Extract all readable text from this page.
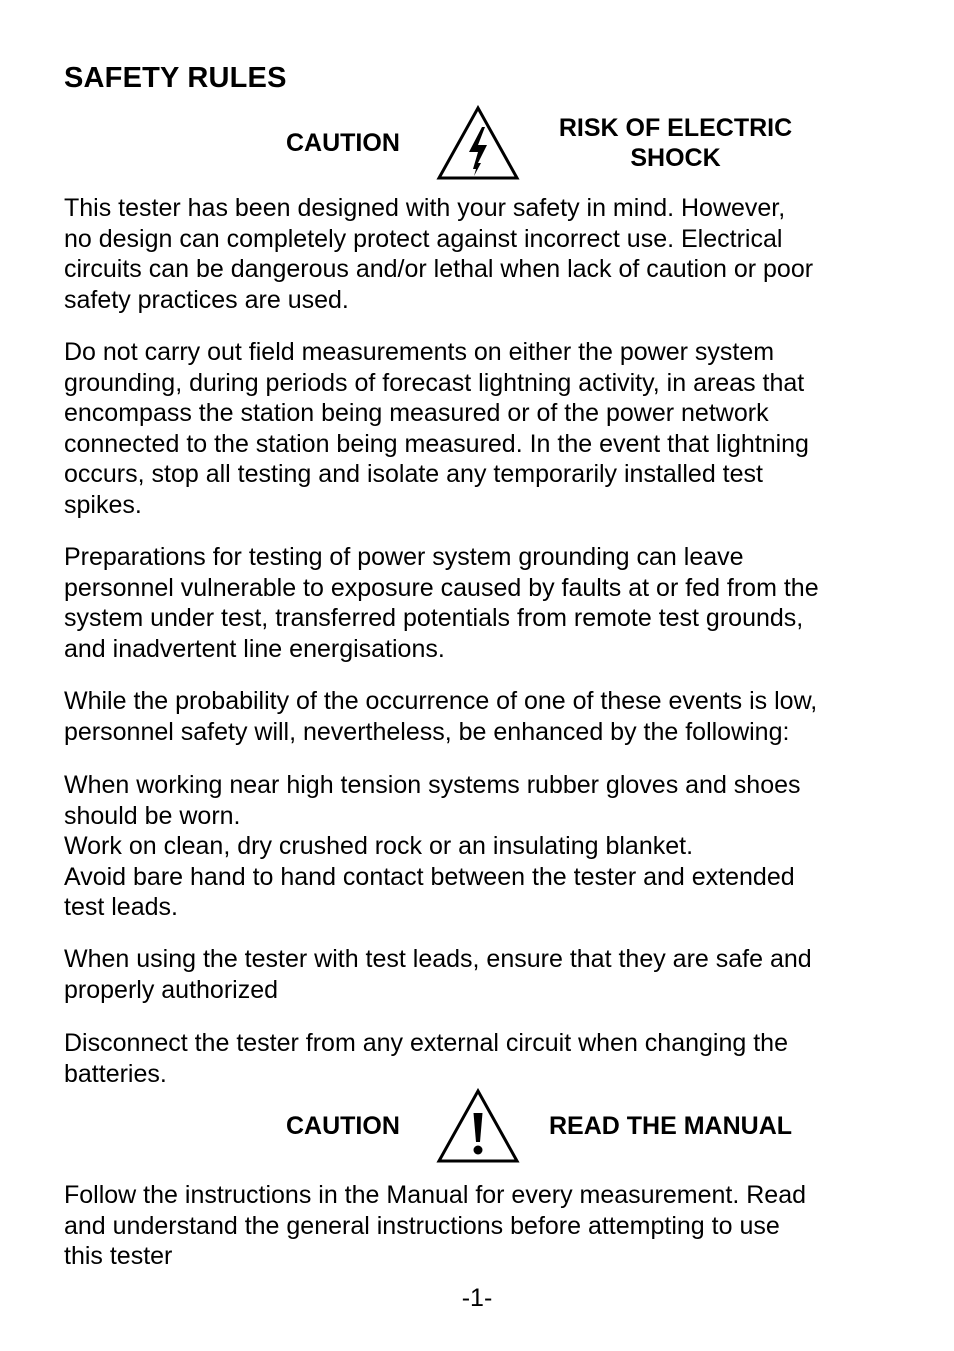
SAFETY RULES
CAUTION
RISK OF ELECTRIC
SHOCK
This tester has been designed with your safety in mind. However,
no design can completely protect against incorrect use. Electrical
circuits can be dangerous and/or lethal when lack of caution or poor
safety practices are used.
Do not carry out field measurements on either the power system
grounding, during periods of forecast lightning activity, in areas that
encompass the station being measured or of the power network
connected to the station being measured. In the event that lightning
occurs, stop all testing and isolate any temporarily installed test
spikes.
Preparations for testing of power system grounding can leave
personnel vulnerable to exposure caused by faults at or fed from the
system under test, transferred potentials from remote test grounds,
and inadvertent line energisations.
While the probability of the occurrence of one of these events is low,
personnel safety will, nevertheless, be enhanced by the following:
When working near high tension systems rubber gloves and shoes
should be worn.
Work on clean, dry crushed rock or an insulating blanket.
Avoid bare hand to hand contact between the tester and extended
test leads.
When using the tester with test leads, ensure that they are safe and
properly authorized
Disconnect the tester from any external circuit when changing the
batteries.
CAUTION	READ THE MANUAL
Follow the instructions in the Manual for every measurement. Read
and understand the general instructions before attempting to use
this tester
-1-
